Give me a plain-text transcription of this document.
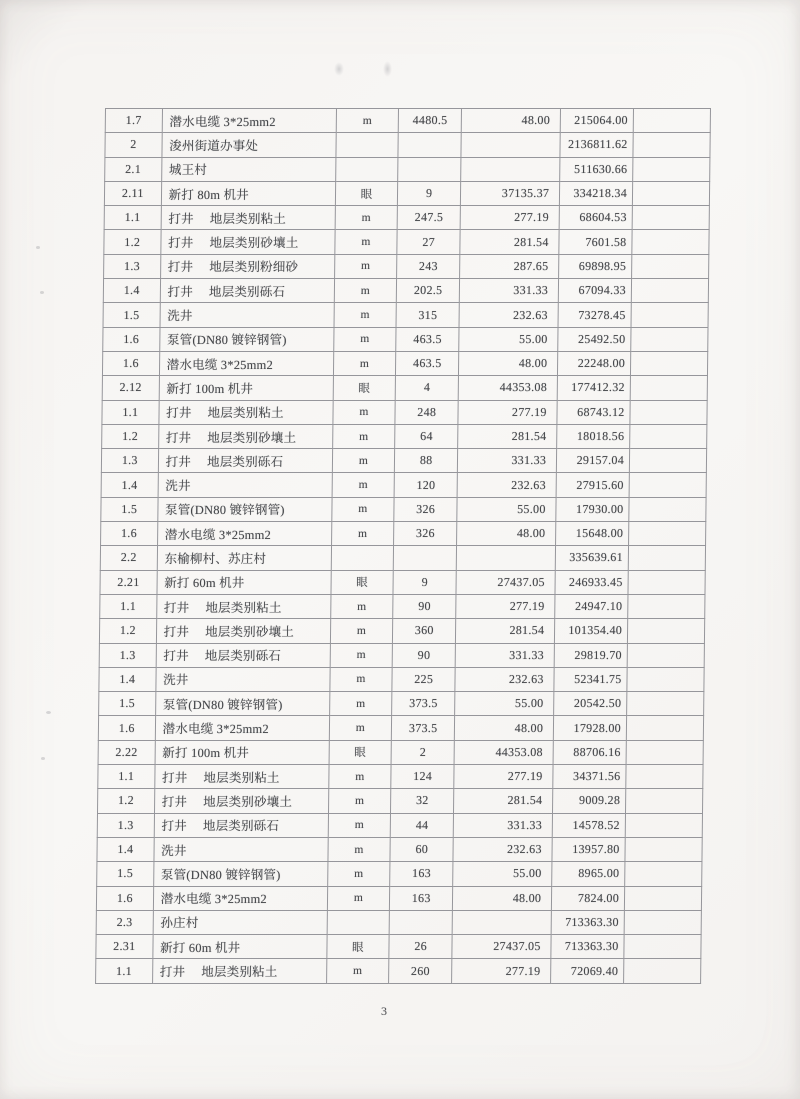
1.7	潜水电缆 3*25mm2	m	4480.5	48.00	215064.00	
2	浚州街道办事处				2136811.62	
2.1	城王村				511630.66	
2.11	新打 80m 机井	眼	9	37135.37	334218.34	
1.1	打井　 地层类别粘土	m	247.5	277.19	68604.53	
1.2	打井　 地层类别砂壤土	m	27	281.54	7601.58	
1.3	打井　 地层类别粉细砂	m	243	287.65	69898.95	
1.4	打井　 地层类别砾石	m	202.5	331.33	67094.33	
1.5	洗井	m	315	232.63	73278.45	
1.6	泵管(DN80 镀锌钢管)	m	463.5	55.00	25492.50	
1.6	潜水电缆 3*25mm2	m	463.5	48.00	22248.00	
2.12	新打 100m 机井	眼	4	44353.08	177412.32	
1.1	打井　 地层类别粘土	m	248	277.19	68743.12	
1.2	打井　 地层类别砂壤土	m	64	281.54	18018.56	
1.3	打井　 地层类别砾石	m	88	331.33	29157.04	
1.4	洗井	m	120	232.63	27915.60	
1.5	泵管(DN80 镀锌钢管)	m	326	55.00	17930.00	
1.6	潜水电缆 3*25mm2	m	326	48.00	15648.00	
2.2	东榆柳村、苏庄村				335639.61	
2.21	新打 60m 机井	眼	9	27437.05	246933.45	
1.1	打井　 地层类别粘土	m	90	277.19	24947.10	
1.2	打井　 地层类别砂壤土	m	360	281.54	101354.40	
1.3	打井　 地层类别砾石	m	90	331.33	29819.70	
1.4	洗井	m	225	232.63	52341.75	
1.5	泵管(DN80 镀锌钢管)	m	373.5	55.00	20542.50	
1.6	潜水电缆 3*25mm2	m	373.5	48.00	17928.00	
2.22	新打 100m 机井	眼	2	44353.08	88706.16	
1.1	打井　 地层类别粘土	m	124	277.19	34371.56	
1.2	打井　 地层类别砂壤土	m	32	281.54	9009.28	
1.3	打井　 地层类别砾石	m	44	331.33	14578.52	
1.4	洗井	m	60	232.63	13957.80	
1.5	泵管(DN80 镀锌钢管)	m	163	55.00	8965.00	
1.6	潜水电缆 3*25mm2	m	163	48.00	7824.00	
2.3	孙庄村				713363.30	
2.31	新打 60m 机井	眼	26	27437.05	713363.30	
1.1	打井　 地层类别粘土	m	260	277.19	72069.40	
3
